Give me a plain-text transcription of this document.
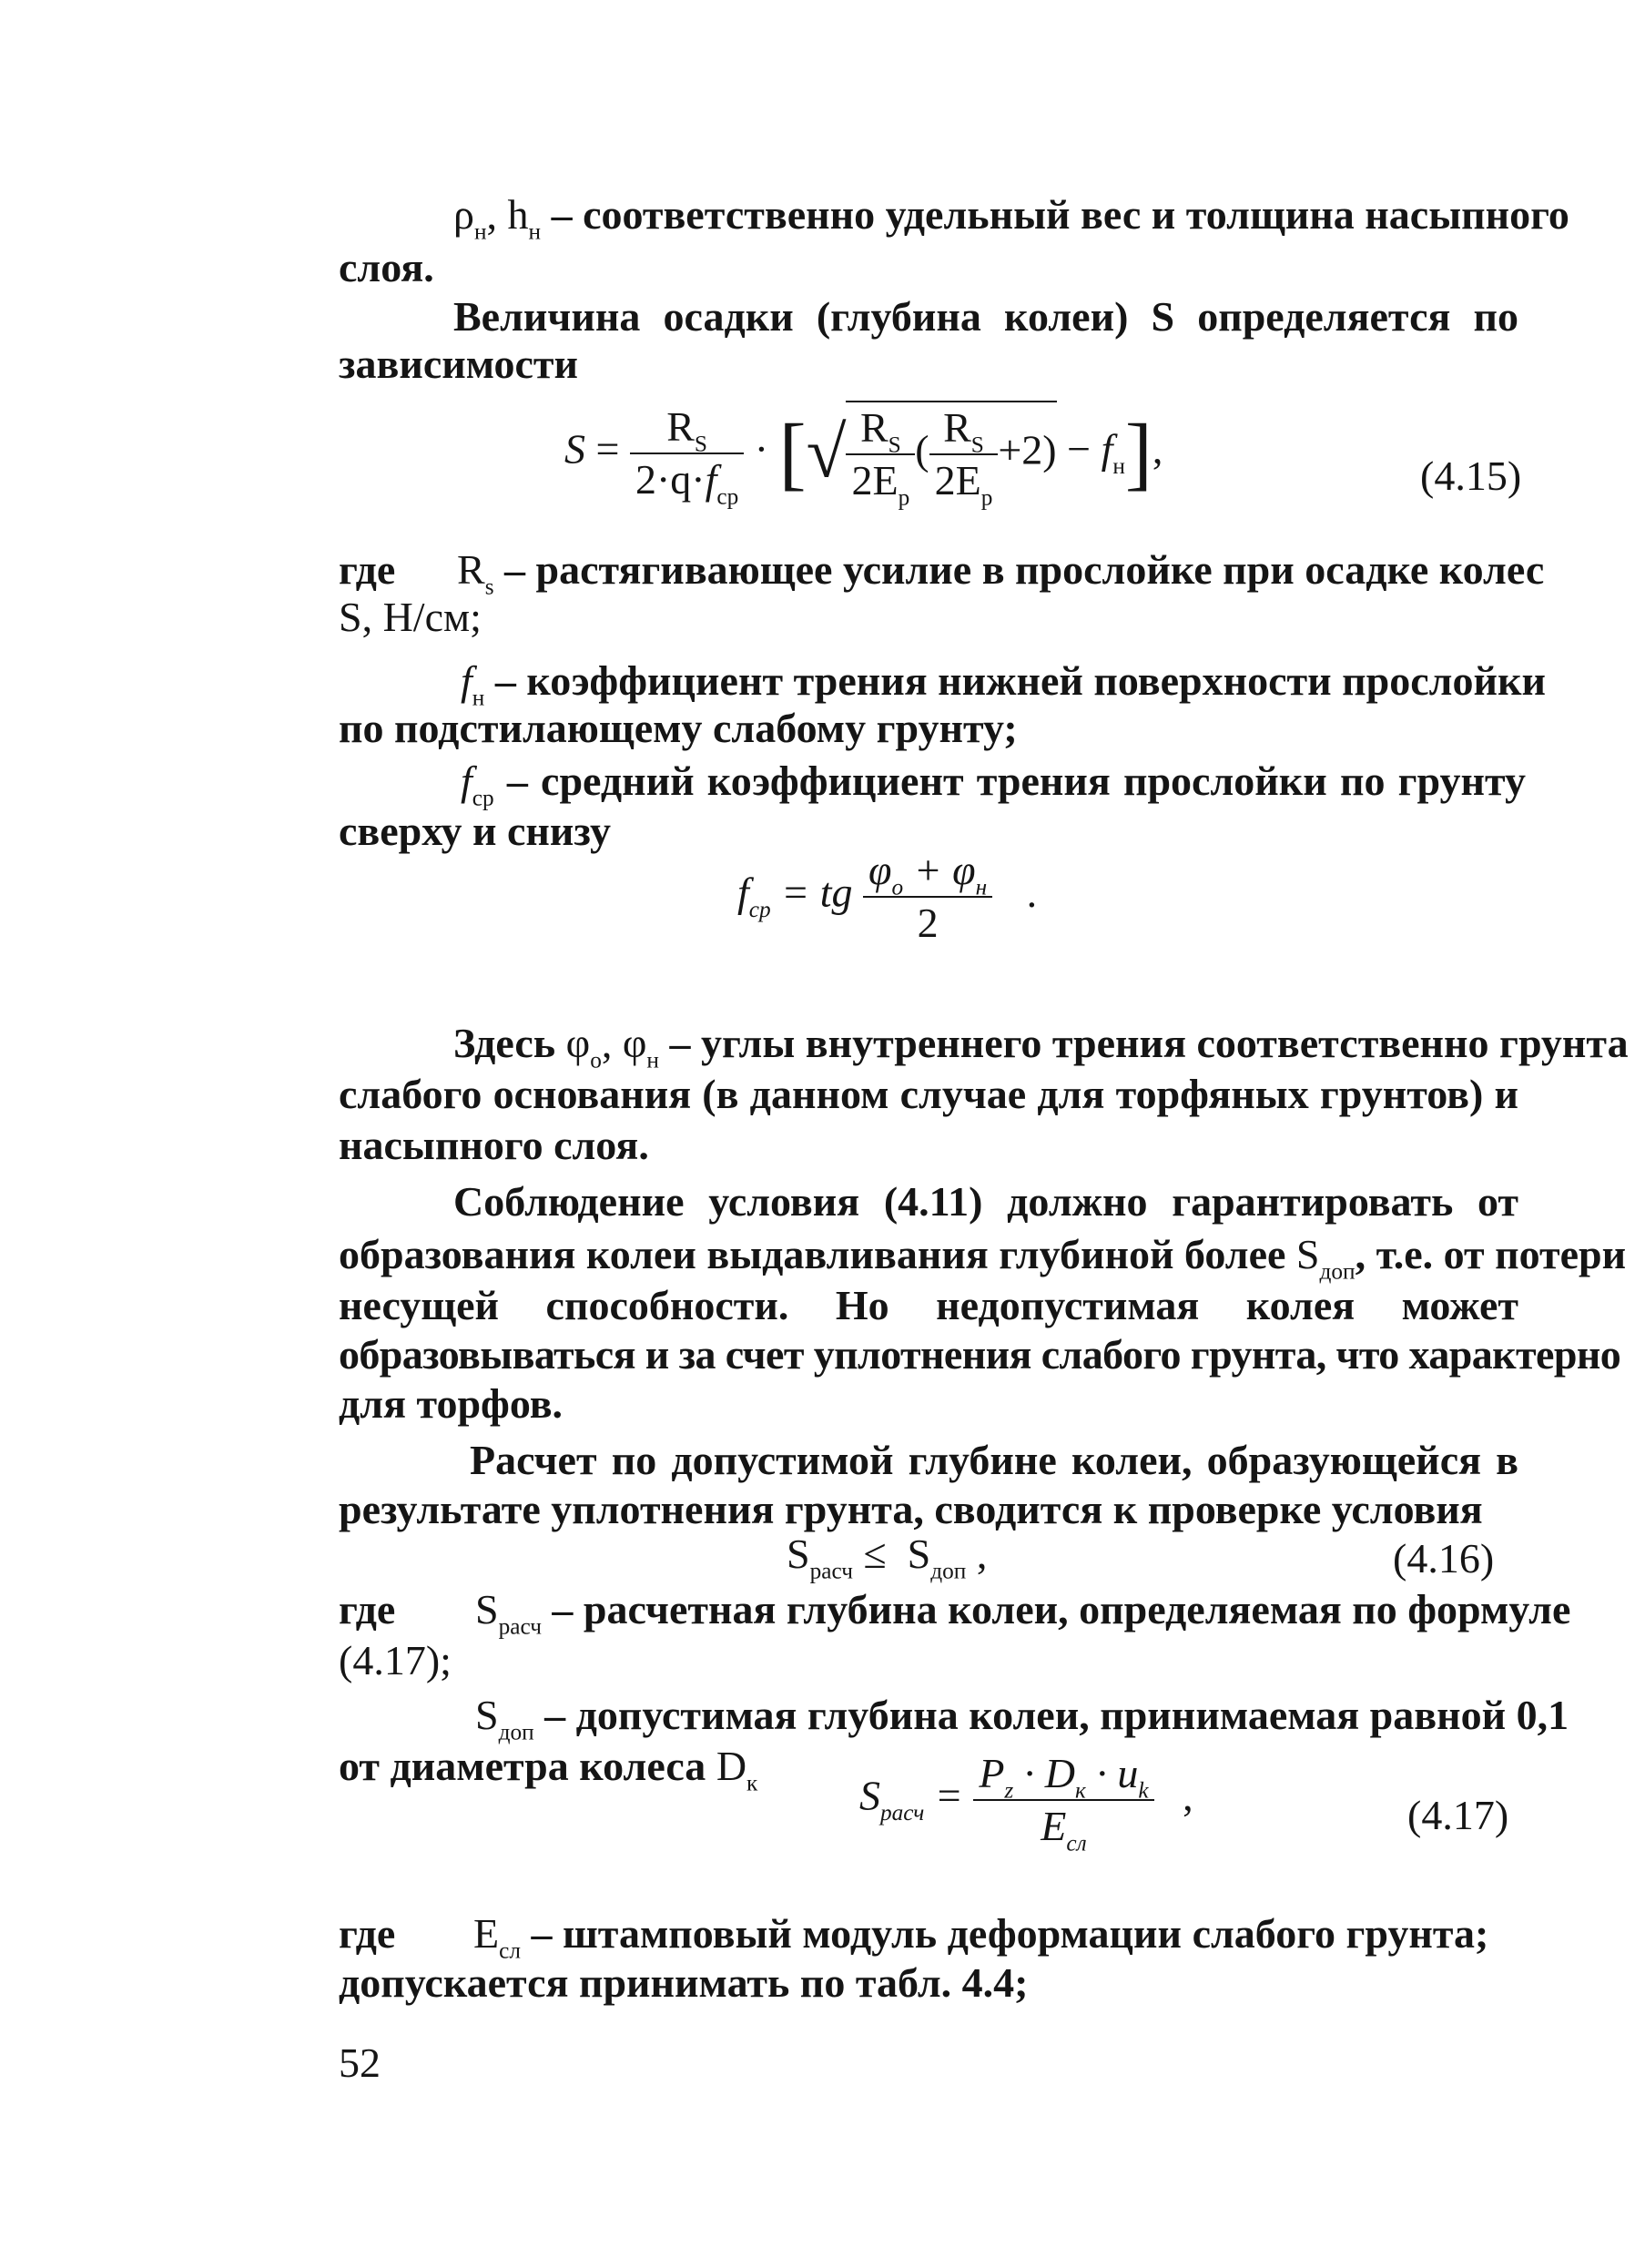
$\rho_н$, $h_н$ – соответственно удельный вес и толщина насыпного
слоя.
Величина осадки (глубина колеи) S определяется по
зависимости
$S = \frac{R_S}{2\cdot q\cdot f_{ср}}$ · [√ $\frac{R_S}{2E_р}$ ( $\frac{R_S}{2E_р} +2) - f_н$],
(4.15)
где $R_s$ – растягивающее усилие в прослойке при осадке колес
S, Н/см;
$f_н$ – коэффициент трения нижней поверхности прослойки
по подстилающему слабому грунту;
$f_{ср}$ – средний коэффициент трения прослойки по грунту
сверху и снизу
$f_{ср}$ = tg $\frac{\varphi_о + \varphi_н}{2}$ .
Здесь $\varphi_о$, $\varphi_н$ – углы внутреннего трения соответственно грунта
слабого основания (в данном случае для торфяных грунтов) и
насыпного слоя.
Соблюдение условия (4.11) должно гарантировать от
образования колеи выдавливания глубиной более $S_{доп}$, т.е. от потери
несущей способности. Но недопустимая колея может
образовываться и за счет уплотнения слабого грунта, что характерно
для торфов.
Расчет по допустимой глубине колеи, образующейся в
результате уплотнения грунта, сводится к проверке условия
$S_{расч} \le S_{доп}$ ,	(4.16)
где $S_{расч}$ – расчетная глубина колеи, определяемая по формуле
(4.17);
$S_{доп}$ – допустимая глубина колеи, принимаемая равной 0,1
от диаметра колеса $D_к$ $S_{расч} = \frac{P_z \cdot D_к \cdot u_k}{E_{сл}}$ ,	(4.17)
где $E_{сл}$ – штамповый модуль деформации слабого грунта;
допускается принимать по табл. 4.4;
52
